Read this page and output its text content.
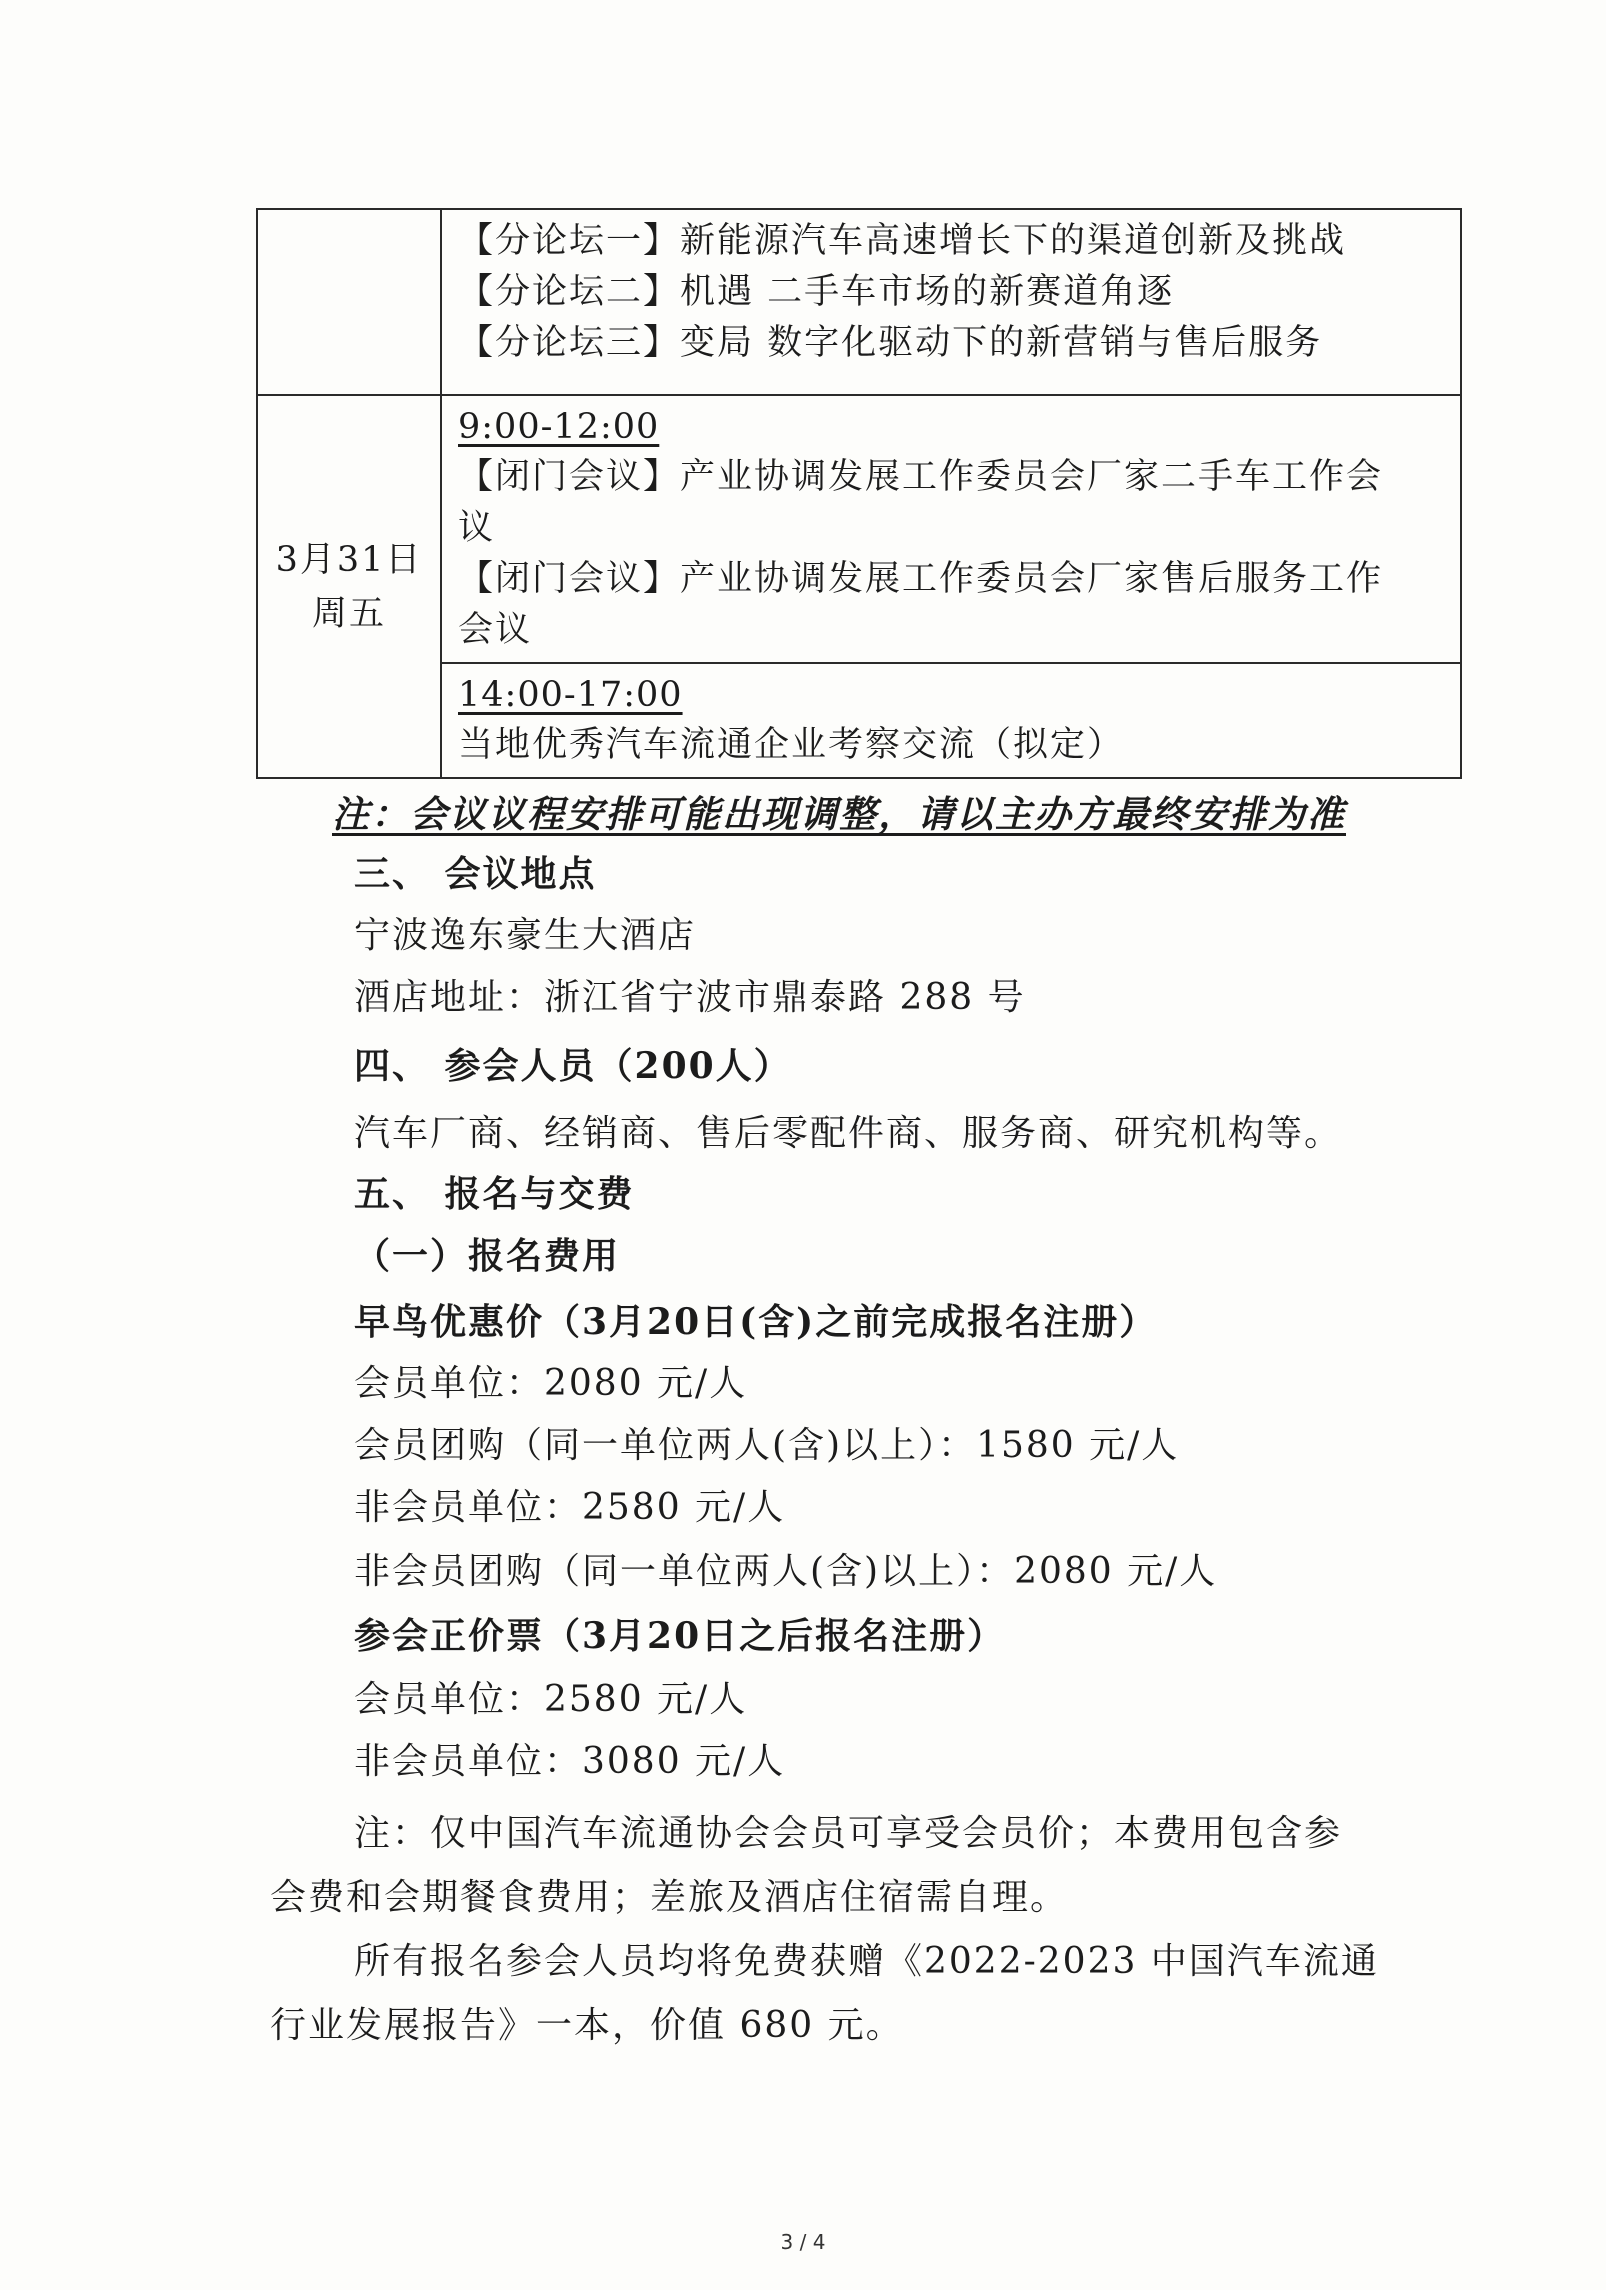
	【分论坛一】新能源汽车高速增长下的渠道创新及挑战
【分论坛二】机遇 二手车市场的新赛道角逐
【分论坛三】变局 数字化驱动下的新营销与售后服务

3月31日
周五	9:00-12:00
【闭门会议】产业协调发展工作委员会厂家二手车工作会
议
【闭门会议】产业协调发展工作委员会厂家售后服务工作
会议

	14:00-17:00
当地优秀汽车流通企业考察交流（拟定）
注：会议议程安排可能出现调整，请以主办方最终安排为准
三、 会议地点
宁波逸东豪生大酒店
酒店地址：浙江省宁波市鼎泰路 288 号
四、 参会人员（200人）
汽车厂商、经销商、售后零配件商、服务商、研究机构等。
五、 报名与交费
（一）报名费用
早鸟优惠价（3月20日(含)之前完成报名注册）
会员单位：2080 元/人
会员团购（同一单位两人(含)以上）：1580 元/人
非会员单位：2580 元/人
非会员团购（同一单位两人(含)以上）：2080 元/人
参会正价票（3月20日之后报名注册）
会员单位：2580 元/人
非会员单位：3080 元/人
注：仅中国汽车流通协会会员可享受会员价；本费用包含参
会费和会期餐食费用；差旅及酒店住宿需自理。
所有报名参会人员均将免费获赠《2022-2023 中国汽车流通
行业发展报告》一本，价值 680 元。
3 / 4
